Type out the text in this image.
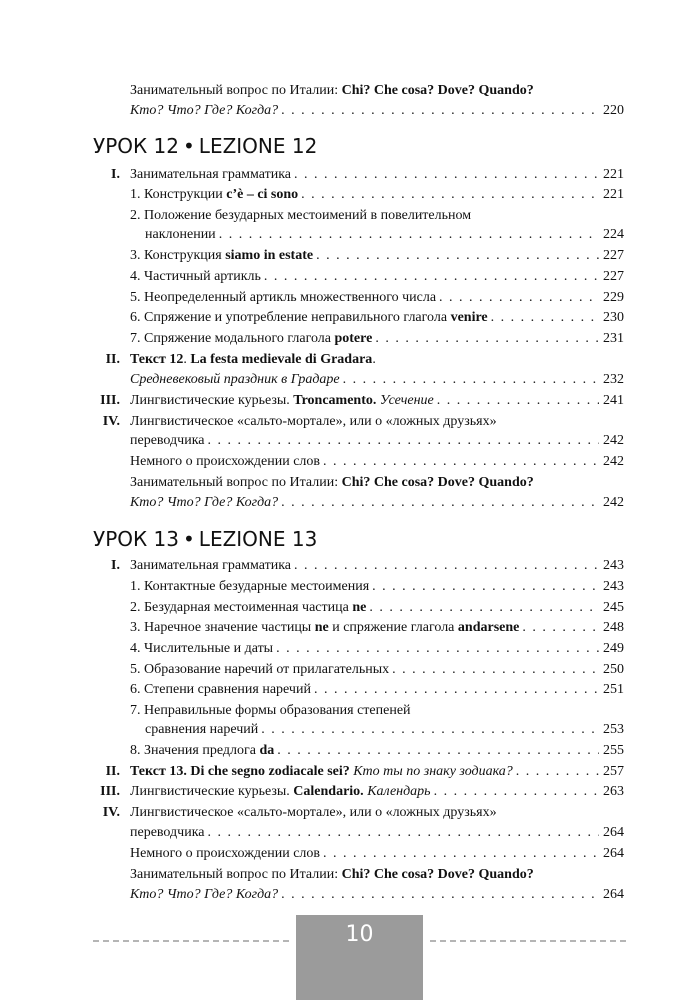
Занимательный вопрос по Италии: Chi? Che cosa? Dove? Quando?
Кто? Что? Где? Когда? . . .	220
УРОК 12 • LEZIONE 12
I. Занимательная грамматика . . .	221
1. Конструкции c’è – ci sono . . .	221
2. Положение безударных местоимений в повелительном
наклонении . . .	224
3. Конструкция siamo in estate . . .	227
4. Частичный артикль . . .	227
5. Неопределенный артикль множественного числа . . .	229
6. Спряжение и употребление неправильного глагола venire . . .	230
7. Спряжение модального глагола potere . . .	231
II. Текст 12. La festa medievale di Gradara.
Средневековый праздник в Градаре . . .	232
III. Лингвистические курьезы. Troncamento. Усечение . . .	241
IV. Лингвистическое «сальто-мортале», или о «ложных друзьях»
переводчика . . .	242
Немного о происхождении слов . . .	242
Занимательный вопрос по Италии: Chi? Che cosa? Dove? Quando?
Кто? Что? Где? Когда? . . .	242
УРОК 13 • LEZIONE 13
I. Занимательная грамматика . . .	243
1. Контактные безударные местоимения . . .	243
2. Безударная местоименная частица ne . . .	245
3. Наречное значение частицы ne и спряжение глагола andarsene . . .	248
4. Числительные и даты . . .	249
5. Образование наречий от прилагательных . . .	250
6. Степени сравнения наречий . . .	251
7. Неправильные формы образования степеней
сравнения наречий . . .	253
8. Значения предлога da . . .	255
II. Текст 13. Di che segno zodiacale sei? Кто ты по знаку зодиака? . . .	257
III. Лингвистические курьезы. Calendario. Календарь . . .	263
IV. Лингвистическое «сальто-мортале», или о «ложных друзьях»
переводчика . . .	264
Немного о происхождении слов . . .	264
Занимательный вопрос по Италии: Chi? Che cosa? Dove? Quando?
Кто? Что? Где? Когда? . . .	264
10
